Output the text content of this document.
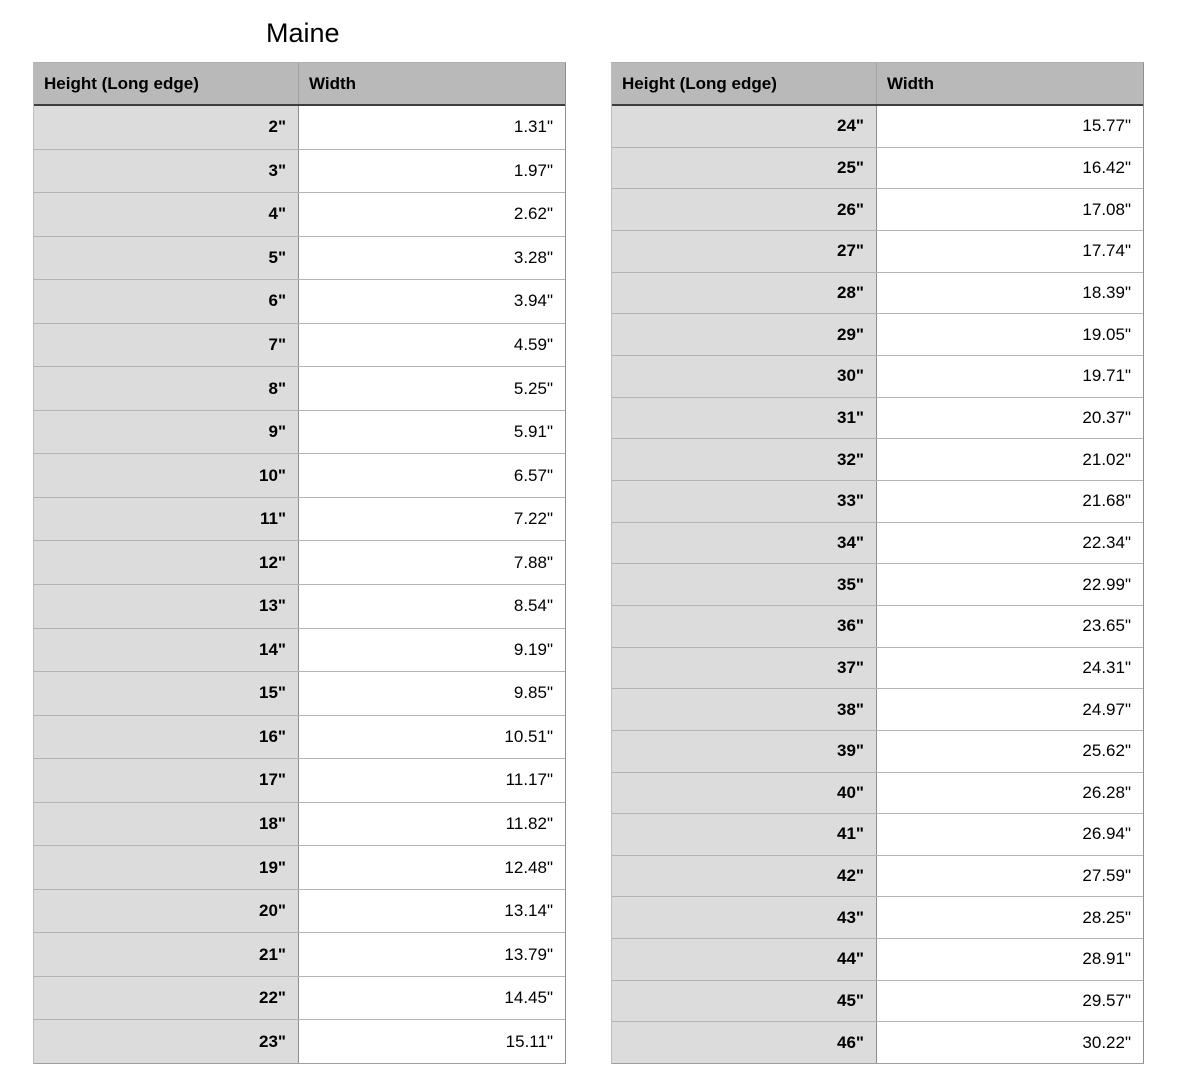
Maine
Height (Long edge)	Width
2"	1.31"
3"	1.97"
4"	2.62"
5"	3.28"
6"	3.94"
7"	4.59"
8"	5.25"
9"	5.91"
10"	6.57"
11"	7.22"
12"	7.88"
13"	8.54"
14"	9.19"
15"	9.85"
16"	10.51"
17"	11.17"
18"	11.82"
19"	12.48"
20"	13.14"
21"	13.79"
22"	14.45"
23"	15.11"
Height (Long edge)	Width
24"	15.77"
25"	16.42"
26"	17.08"
27"	17.74"
28"	18.39"
29"	19.05"
30"	19.71"
31"	20.37"
32"	21.02"
33"	21.68"
34"	22.34"
35"	22.99"
36"	23.65"
37"	24.31"
38"	24.97"
39"	25.62"
40"	26.28"
41"	26.94"
42"	27.59"
43"	28.25"
44"	28.91"
45"	29.57"
46"	30.22"
